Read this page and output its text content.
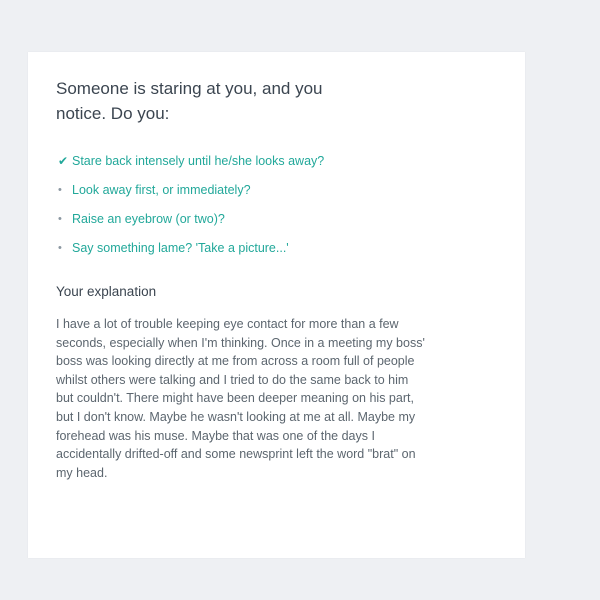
Someone is staring at you, and you
notice. Do you:
✔ Stare back intensely until he/she looks away?
• Look away first, or immediately?
• Raise an eyebrow (or two)?
• Say something lame? 'Take a picture...'
Your explanation

I have a lot of trouble keeping eye contact for more than a few
seconds, especially when I'm thinking. Once in a meeting my boss'
boss was looking directly at me from across a room full of people
whilst others were talking and I tried to do the same back to him
but couldn't. There might have been deeper meaning on his part,
but I don't know. Maybe he wasn't looking at me at all. Maybe my
forehead was his muse. Maybe that was one of the days I
accidentally drifted-off and some newsprint left the word "brat" on
my head.
